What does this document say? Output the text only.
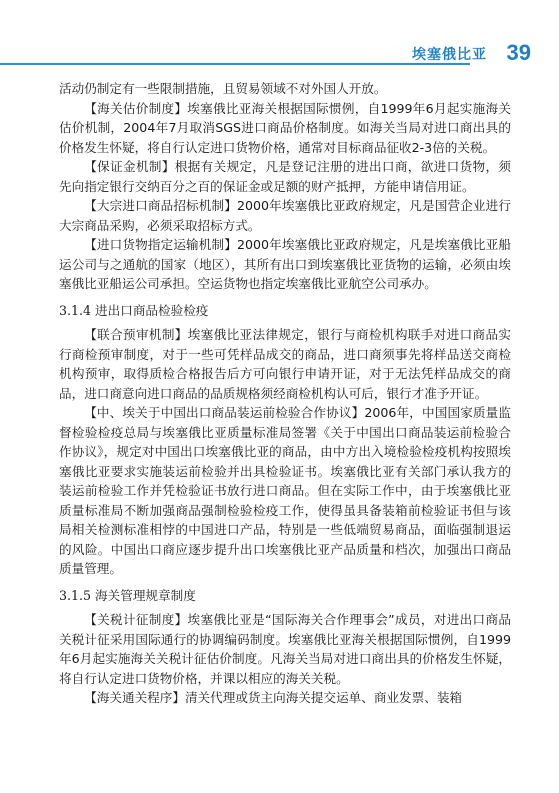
埃塞俄比亚 39

活动仍制定有一些限制措施，且贸易领域不对外国人开放。

【海关估价制度】埃塞俄比亚海关根据国际惯例，自1999年6月起实施海关估价机制，2004年7月取消SGS进口商品价格制度。如海关当局对进口商出具的价格发生怀疑，将自行认定进口货物价格，通常对目标商品征收2-3倍的关税。

【保证金机制】根据有关规定，凡是登记注册的进出口商，欲进口货物，须先向指定银行交纳百分之百的保证金或足额的财产抵押，方能申请信用证。

【大宗进口商品招标机制】2000年埃塞俄比亚政府规定，凡是国营企业进行大宗商品采购，必须采取招标方式。

【进口货物指定运输机制】2000年埃塞俄比亚政府规定，凡是埃塞俄比亚船运公司与之通航的国家（地区），其所有出口到埃塞俄比亚货物的运输，必须由埃塞俄比亚船运公司承担。空运货物也指定埃塞俄比亚航空公司承办。

3.1.4 进出口商品检验检疫

【联合预审机制】埃塞俄比亚法律规定，银行与商检机构联手对进口商品实行商检预审制度，对于一些可凭样品成交的商品，进口商须事先将样品送交商检机构预审，取得质检合格报告后方可向银行申请开证，对于无法凭样品成交的商品，进口商意向进口商品的品质规格须经商检机构认可后，银行才准予开证。

【中、埃关于中国出口商品装运前检验合作协议】2006年，中国国家质量监督检验检疫总局与埃塞俄比亚质量标准局签署《关于中国出口商品装运前检验合作协议》，规定对中国出口埃塞俄比亚的商品，由中方出入境检验检疫机构按照埃塞俄比亚要求实施装运前检验并出具检验证书。埃塞俄比亚有关部门承认我方的装运前检验工作并凭检验证书放行进口商品。但在实际工作中，由于埃塞俄比亚质量标准局不断加强商品强制检验检疫工作，使得虽具备装箱前检验证书但与该局相关检测标准相悖的中国进口产品，特别是一些低端贸易商品，面临强制退运的风险。中国出口商应逐步提升出口埃塞俄比亚产品质量和档次，加强出口商品质量管理。

3.1.5 海关管理规章制度

【关税计征制度】埃塞俄比亚是“国际海关合作理事会”成员，对进出口商品关税计征采用国际通行的协调编码制度。埃塞俄比亚海关根据国际惯例，自1999年6月起实施海关关税计征估价制度。凡海关当局对进口商出具的价格发生怀疑，将自行认定进口货物价格，并课以相应的海关关税。

【海关通关程序】清关代理或货主向海关提交运单、商业发票、装箱
